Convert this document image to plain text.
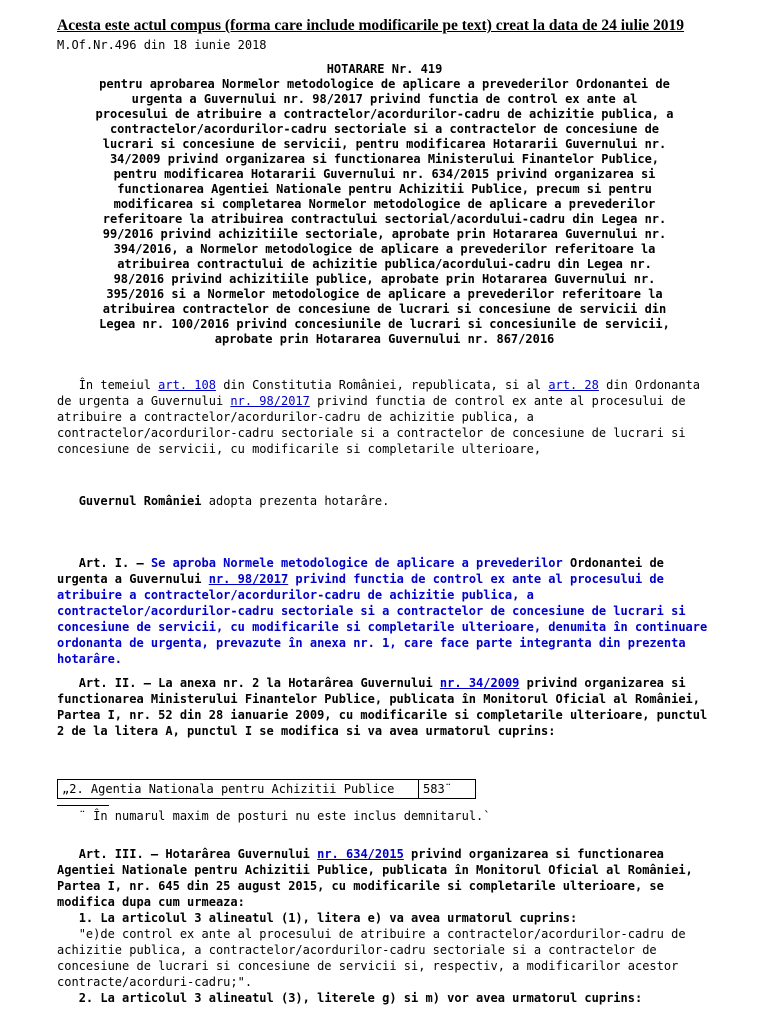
Acesta este actul compus (forma care include modificarile pe text) creat la data de 24 iulie 2019
M.Of.Nr.496 din 18 iunie 2018
HOTARARE Nr. 419
pentru aprobarea Normelor metodologice de aplicare a prevederilor Ordonantei de urgenta a Guvernului nr. 98/2017 privind functia de control ex ante al procesului de atribuire a contractelor/acordurilor-cadru de achizitie publica, a contractelor/acordurilor-cadru sectoriale si a contractelor de concesiune de lucrari si concesiune de servicii, pentru modificarea Hotararii Guvernului nr. 34/2009 privind organizarea si functionarea Ministerului Finantelor Publice, pentru modificarea Hotararii Guvernului nr. 634/2015 privind organizarea si functionarea Agentiei Nationale pentru Achizitii Publice, precum si pentru modificarea si completarea Normelor metodologice de aplicare a prevederilor referitoare la atribuirea contractului sectorial/acordului-cadru din Legea nr. 99/2016 privind achizitiile sectoriale, aprobate prin Hotararea Guvernului nr. 394/2016, a Normelor metodologice de aplicare a prevederilor referitoare la atribuirea contractului de achizitie publica/acordului-cadru din Legea nr. 98/2016 privind achizitiile publice, aprobate prin Hotararea Guvernului nr. 395/2016 si a Normelor metodologice de aplicare a prevederilor referitoare la atribuirea contractelor de concesiune de lucrari si concesiune de servicii din Legea nr. 100/2016 privind concesiunile de lucrari si concesiunile de servicii, aprobate prin Hotararea Guvernului nr. 867/2016
În temeiul art. 108 din Constitutia României, republicata, si al art. 28 din Ordonanta de urgenta a Guvernului nr. 98/2017 privind functia de control ex ante al procesului de atribuire a contractelor/acordurilor-cadru de achizitie publica, a contractelor/acordurilor-cadru sectoriale si a contractelor de concesiune de lucrari si concesiune de servicii, cu modificarile si completarile ulterioare,
Guvernul României adopta prezenta hotarâre.
Art. I. – Se aproba Normele metodologice de aplicare a prevederilor Ordonantei de urgenta a Guvernului nr. 98/2017 privind functia de control ex ante al procesului de atribuire a contractelor/acordurilor-cadru de achizitie publica, a contractelor/acordurilor-cadru sectoriale si a contractelor de concesiune de lucrari si concesiune de servicii, cu modificarile si completarile ulterioare, denumita în continuare ordonanta de urgenta, prevazute în anexa nr. 1, care face parte integranta din prezenta hotarâre.
Art. II. – La anexa nr. 2 la Hotarârea Guvernului nr. 34/2009 privind organizarea si functionarea Ministerului Finantelor Publice, publicata în Monitorul Oficial al României, Partea I, nr. 52 din 28 ianuarie 2009, cu modificarile si completarile ulterioare, punctul 2 de la litera A, punctul I se modifica si va avea urmatorul cuprins:
„2. Agentia Nationala pentru Achizitii Publice	583¨
¨ În numarul maxim de posturi nu este inclus demnitarul.`
Art. III. – Hotarârea Guvernului nr. 634/2015 privind organizarea si functionarea Agentiei Nationale pentru Achizitii Publice, publicata în Monitorul Oficial al României, Partea I, nr. 645 din 25 august 2015, cu modificarile si completarile ulterioare, se modifica dupa cum urmeaza:
1. La articolul 3 alineatul (1), litera e) va avea urmatorul cuprins:
"e)de control ex ante al procesului de atribuire a contractelor/acordurilor-cadru de achizitie publica, a contractelor/acordurilor-cadru sectoriale si a contractelor de concesiune de lucrari si concesiune de servicii si, respectiv, a modificarilor acestor contracte/acorduri-cadru;".
2. La articolul 3 alineatul (3), literele g) si m) vor avea urmatorul cuprins:
